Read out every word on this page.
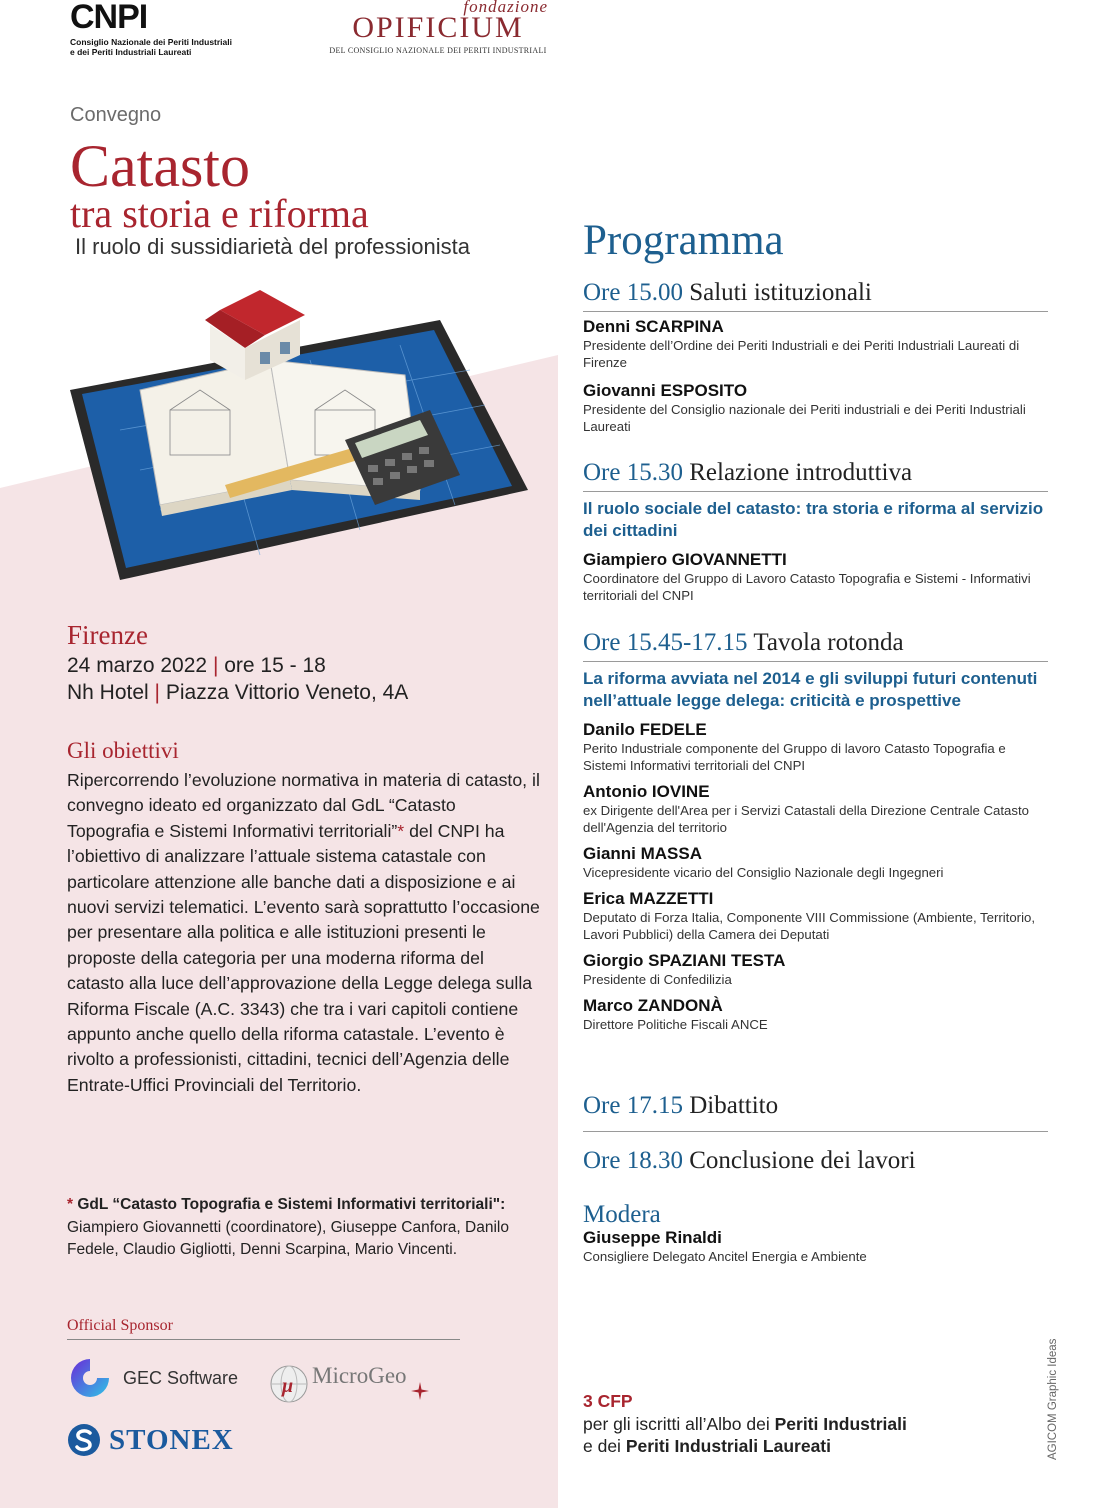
CNPI
Consiglio Nazionale dei Periti Industriali
e dei Periti Industriali Laureati
fondazione
OPIFICIUM
DEL CONSIGLIO NAZIONALE DEI PERITI INDUSTRIALI
Convegno
Catasto
tra storia e riforma
Il ruolo di sussidiarietà del professionista
Firenze
24 marzo 2022 | ore 15 - 18
Nh Hotel | Piazza Vittorio Veneto, 4A
Gli obiettivi
Ripercorrendo l’evoluzione normativa in materia di catasto, il convegno ideato ed organizzato dal GdL “Catasto Topografia e Sistemi Informativi territoriali”* del CNPI ha l’obiettivo di analizzare l’attuale sistema catastale con particolare attenzione alle banche dati a disposizione e ai nuovi servizi telematici. L’evento sarà soprattutto l’occasione per presentare alla politica e alle istituzioni presenti le proposte della categoria per una moderna riforma del catasto alla luce dell’approvazione della Legge delega sulla Riforma Fiscale (A.C. 3343) che tra i vari capitoli contiene appunto anche quello della riforma catastale. L’evento è rivolto a professionisti, cittadini, tecnici dell’Agenzia delle Entrate-Uffici Provinciali del Territorio.
* GdL “Catasto Topografia e Sistemi Informativi territoriali": Giampiero Giovannetti (coordinatore), Giuseppe Canfora, Danilo Fedele, Claudio Gigliotti, Denni Scarpina, Mario Vincenti.
Official Sponsor
GEC Software μ MicroGeo
STONEX
Programma
Ore 15.00 Saluti istituzionali
Denni SCARPINA
Presidente dell’Ordine dei Periti Industriali e dei Periti Industriali Laureati di Firenze
Giovanni ESPOSITO
Presidente del Consiglio nazionale dei Periti industriali e dei Periti Industriali Laureati
Ore 15.30 Relazione introduttiva
Il ruolo sociale del catasto: tra storia e riforma al servizio dei cittadini
Giampiero GIOVANNETTI
Coordinatore del Gruppo di Lavoro Catasto Topografia e Sistemi - Informativi territoriali del CNPI
Ore 15.45-17.15 Tavola rotonda
La riforma avviata nel 2014 e gli sviluppi futuri contenuti nell’attuale legge delega: criticità e prospettive
Danilo FEDELE
Perito Industriale componente del Gruppo di lavoro Catasto Topografia e Sistemi Informativi territoriali del CNPI
Antonio IOVINE
ex Dirigente dell'Area per i Servizi Catastali della Direzione Centrale Catasto dell'Agenzia del territorio
Gianni MASSA
Vicepresidente vicario del Consiglio Nazionale degli Ingegneri
Erica MAZZETTI
Deputato di Forza Italia, Componente VIII Commissione (Ambiente, Territorio, Lavori Pubblici) della Camera dei Deputati
Giorgio SPAZIANI TESTA
Presidente di Confedilizia
Marco ZANDONÀ
Direttore Politiche Fiscali ANCE
Ore 17.15 Dibattito
Ore 18.30 Conclusione dei lavori
Modera
Giuseppe Rinaldi
Consigliere Delegato Ancitel Energia e Ambiente
3 CFP
per gli iscritti all’Albo dei Periti Industriali
e dei Periti Industriali Laureati	AGICOM Graphic Ideas
